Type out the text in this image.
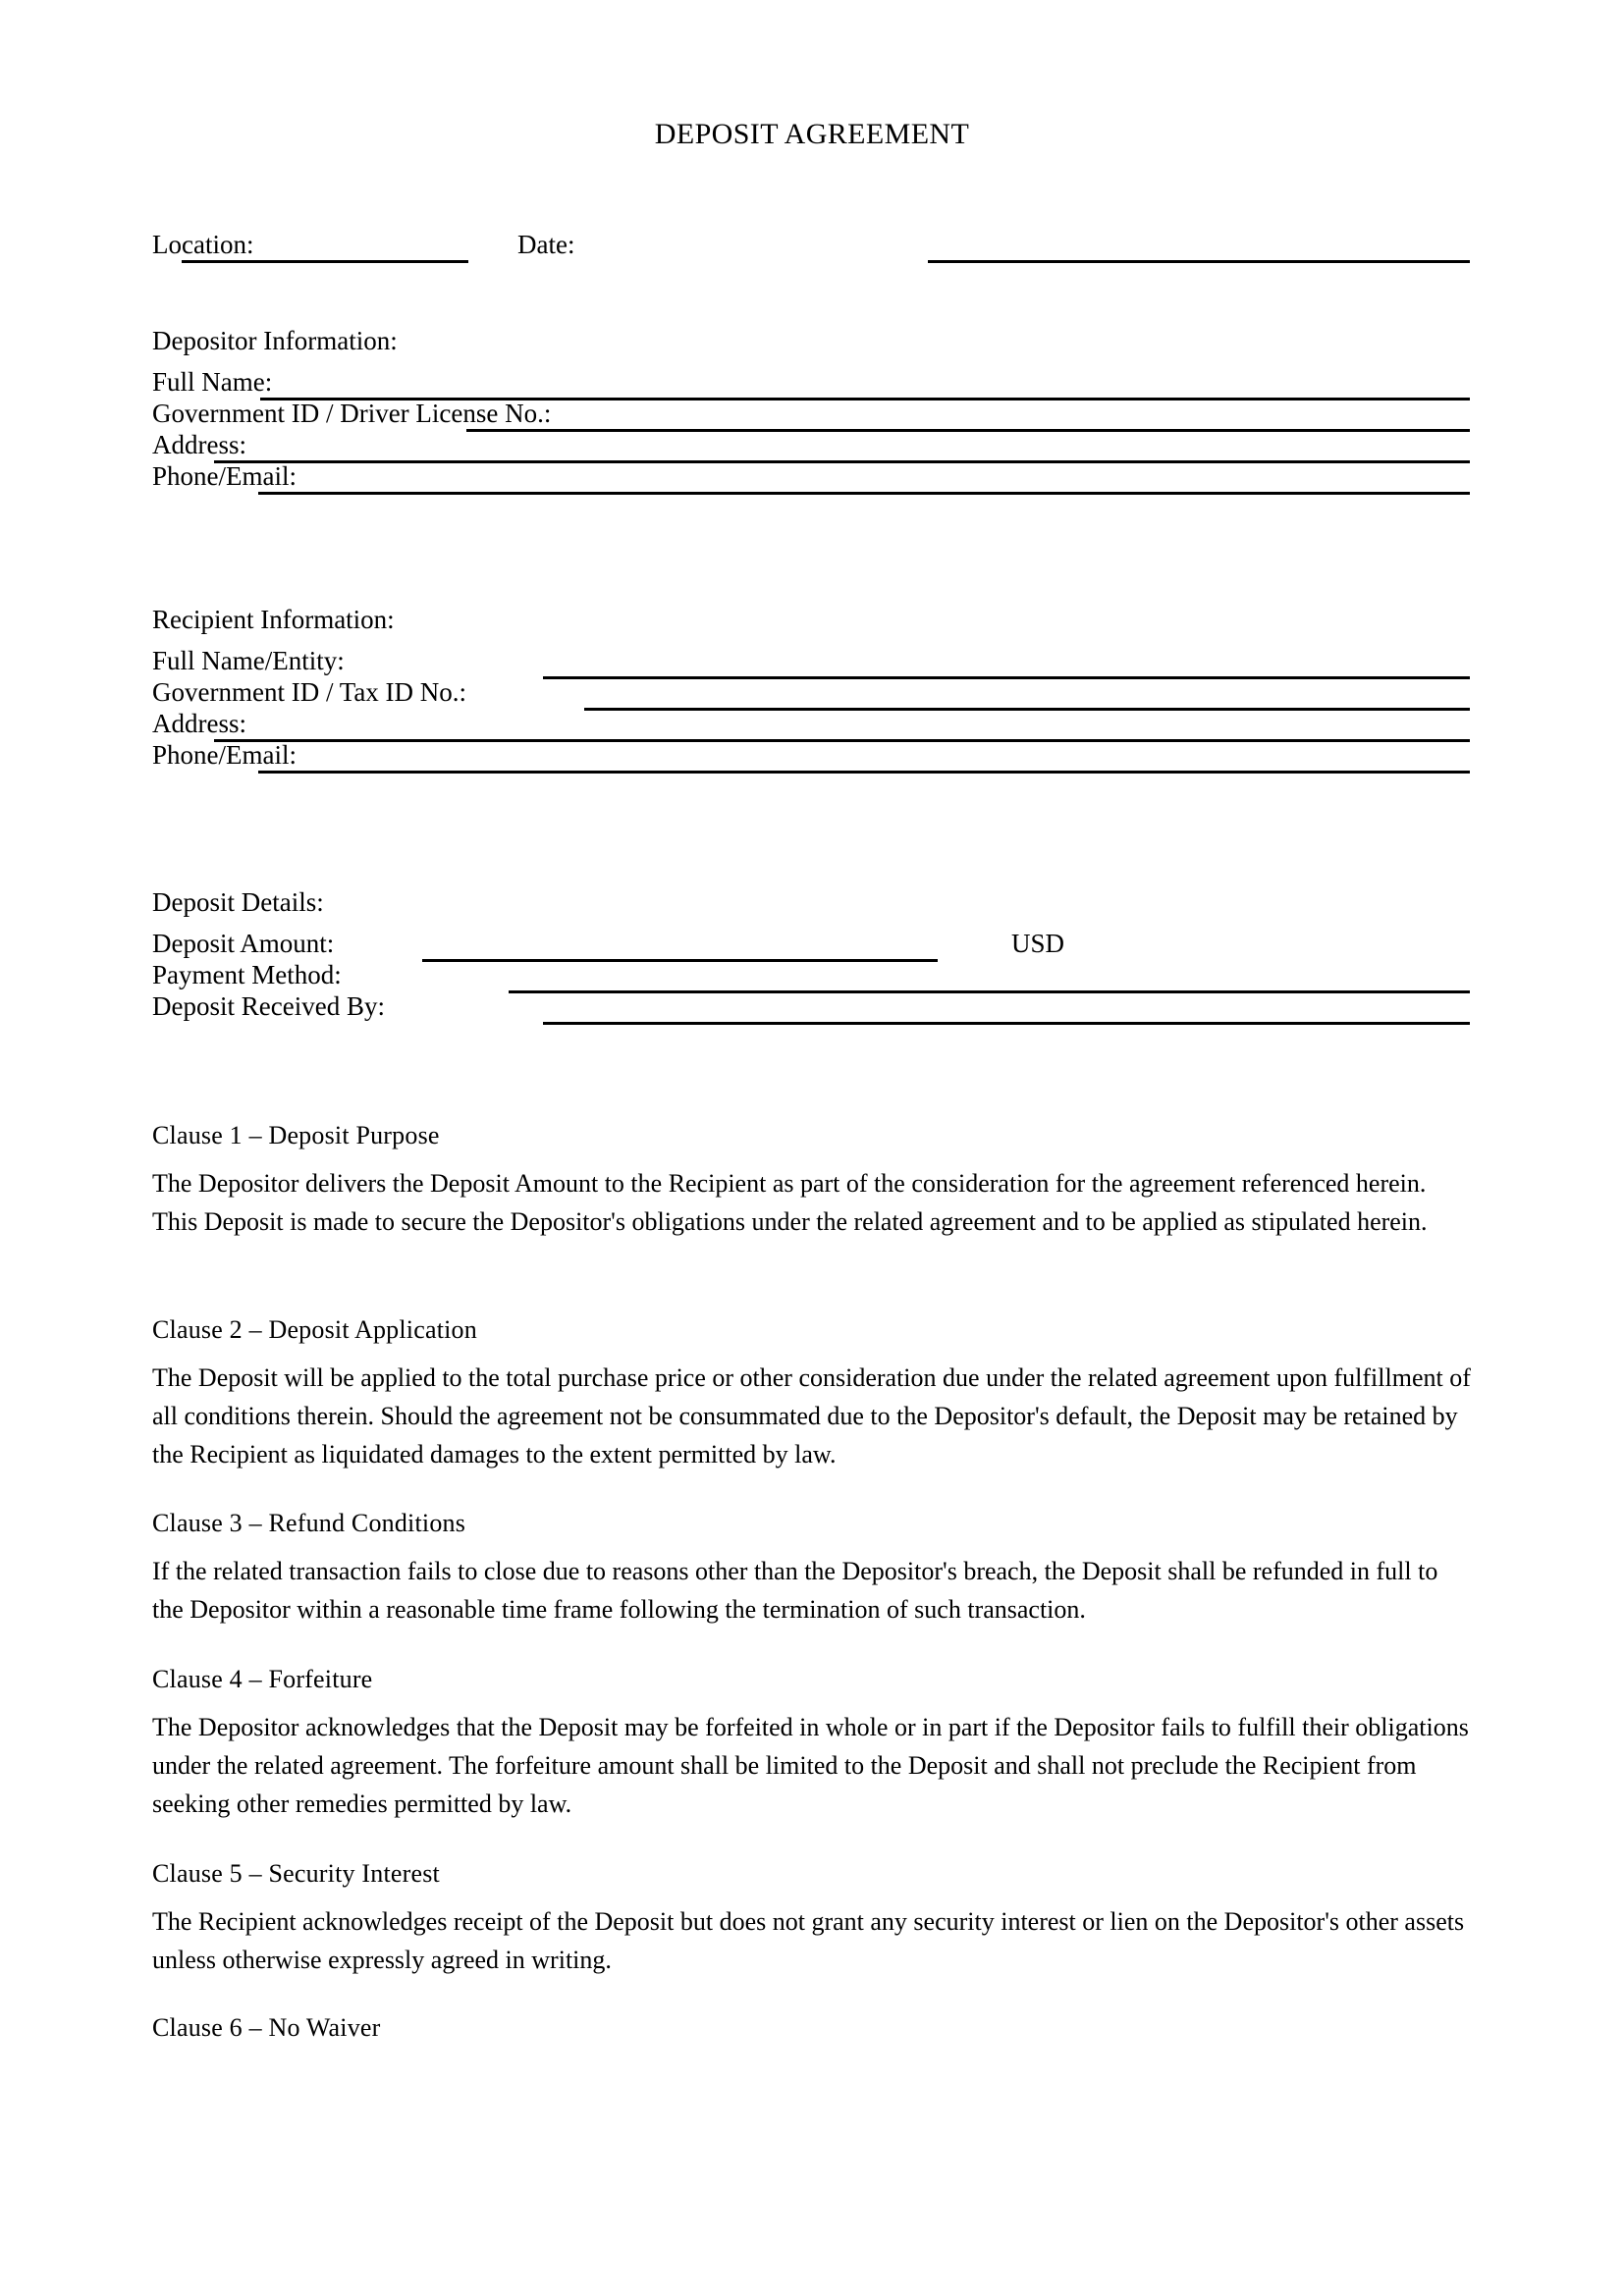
DEPOSIT AGREEMENT
Location:	Date:
Depositor Information:
Full Name:
Government ID / Driver License No.:
Address:
Phone/Email:
Recipient Information:
Full Name/Entity:
Government ID / Tax ID No.:
Address:
Phone/Email:
Deposit Details:
Deposit Amount:	USD
Payment Method:
Deposit Received By:

Clause 1 – Deposit Purpose

The Depositor delivers the Deposit Amount to the Recipient as part of the consideration for the agreement referenced herein. This Deposit is made to secure the Depositor's obligations under the related agreement and to be applied as stipulated herein.

Clause 2 – Deposit Application

The Deposit will be applied to the total purchase price or other consideration due under the related agreement upon fulfillment of all conditions therein. Should the agreement not be consummated due to the Depositor's default, the Deposit may be retained by the Recipient as liquidated damages to the extent permitted by law.

Clause 3 – Refund Conditions

If the related transaction fails to close due to reasons other than the Depositor's breach, the Deposit shall be refunded in full to the Depositor within a reasonable time frame following the termination of such transaction.

Clause 4 – Forfeiture

The Depositor acknowledges that the Deposit may be forfeited in whole or in part if the Depositor fails to fulfill their obligations under the related agreement. The forfeiture amount shall be limited to the Deposit and shall not preclude the Recipient from seeking other remedies permitted by law.

Clause 5 – Security Interest

The Recipient acknowledges receipt of the Deposit but does not grant any security interest or lien on the Depositor's other assets unless otherwise expressly agreed in writing.

Clause 6 – No Waiver
